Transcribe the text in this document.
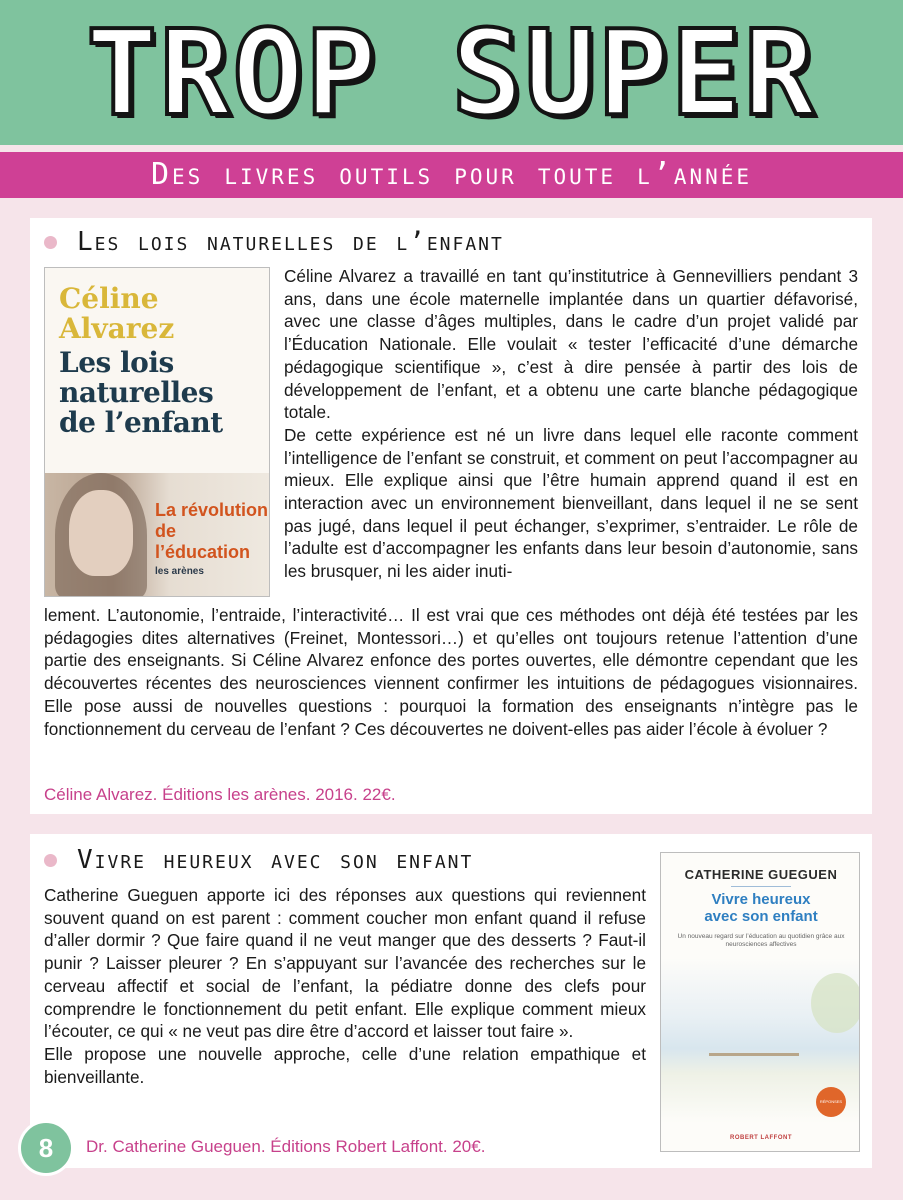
TROP SUPER
Des livres outils pour toute l’année
Les lois naturelles de l’enfant
Céline
Alvarez
Les lois
naturelles
de l’enfant
La révolution
de l’éducation
les arènes

Céline Alvarez a travaillé en tant qu’institutrice à Gennevilliers pendant 3 ans, dans une école maternelle implantée dans un quartier défavorisé, avec une classe d’âges multiples, dans le cadre d’un projet validé par l’Éducation Nationale. Elle voulait « tester l’efficacité d’une démarche pédagogique scientifique », c’est à dire pensée à partir des lois de développement de l’enfant, et a obtenu une carte blanche pédagogique totale.

De cette expérience est né un livre dans lequel elle raconte comment l’intelligence de l’enfant se construit, et comment on peut l’accompagner au mieux. Elle explique ainsi que l’être humain apprend quand il est en interaction avec un environnement bienveillant, dans lequel il ne se sent pas jugé, dans lequel il peut échanger, s’exprimer, s’entraider. Le rôle de l’adulte est d’accompagner les enfants dans leur besoin d’autonomie, sans les brusquer, ni les aider inuti-

lement. L’autonomie, l’entraide, l’interactivité… Il est vrai que ces méthodes ont déjà été testées par les pédagogies dites alternatives (Freinet, Montessori…) et qu’elles ont toujours retenue l’attention d’une partie des enseignants. Si Céline Alvarez enfonce des portes ouvertes, elle démontre cependant que les découvertes récentes des neurosciences viennent confirmer les intuitions de pédagogues visionnaires. Elle pose aussi de nouvelles questions : pourquoi la formation des enseignants n’intègre pas le fonctionnement du cerveau de l’enfant ? Ces découvertes ne doivent-elles pas aider l’école à évoluer ?

Céline Alvarez. Éditions les arènes. 2016. 22€.
Vivre heureux avec son enfant

Catherine Gueguen apporte ici des réponses aux questions qui reviennent souvent quand on est parent : comment coucher mon enfant quand il refuse d’aller dormir ? Que faire quand il ne veut manger que des desserts ? Faut-il punir ? Laisser pleurer ? En s’appuyant sur l’avancée des recherches sur le cerveau affectif et social de l’enfant, la pédiatre donne des clefs pour comprendre le fonctionnement du petit enfant. Elle explique comment mieux l’écouter, ce qui « ne veut pas dire être d’accord et laisser tout faire ».

Elle propose une nouvelle approche, celle d’une relation empathique et bienveillante.

Dr. Catherine Gueguen. Éditions Robert Laffont. 20€.
CATHERINE GUEGUEN
Vivre heureux
avec son enfant
Un nouveau regard sur l’éducation au quotidien grâce aux neurosciences affectives
RÉPONSES
ROBERT LAFFONT
8
